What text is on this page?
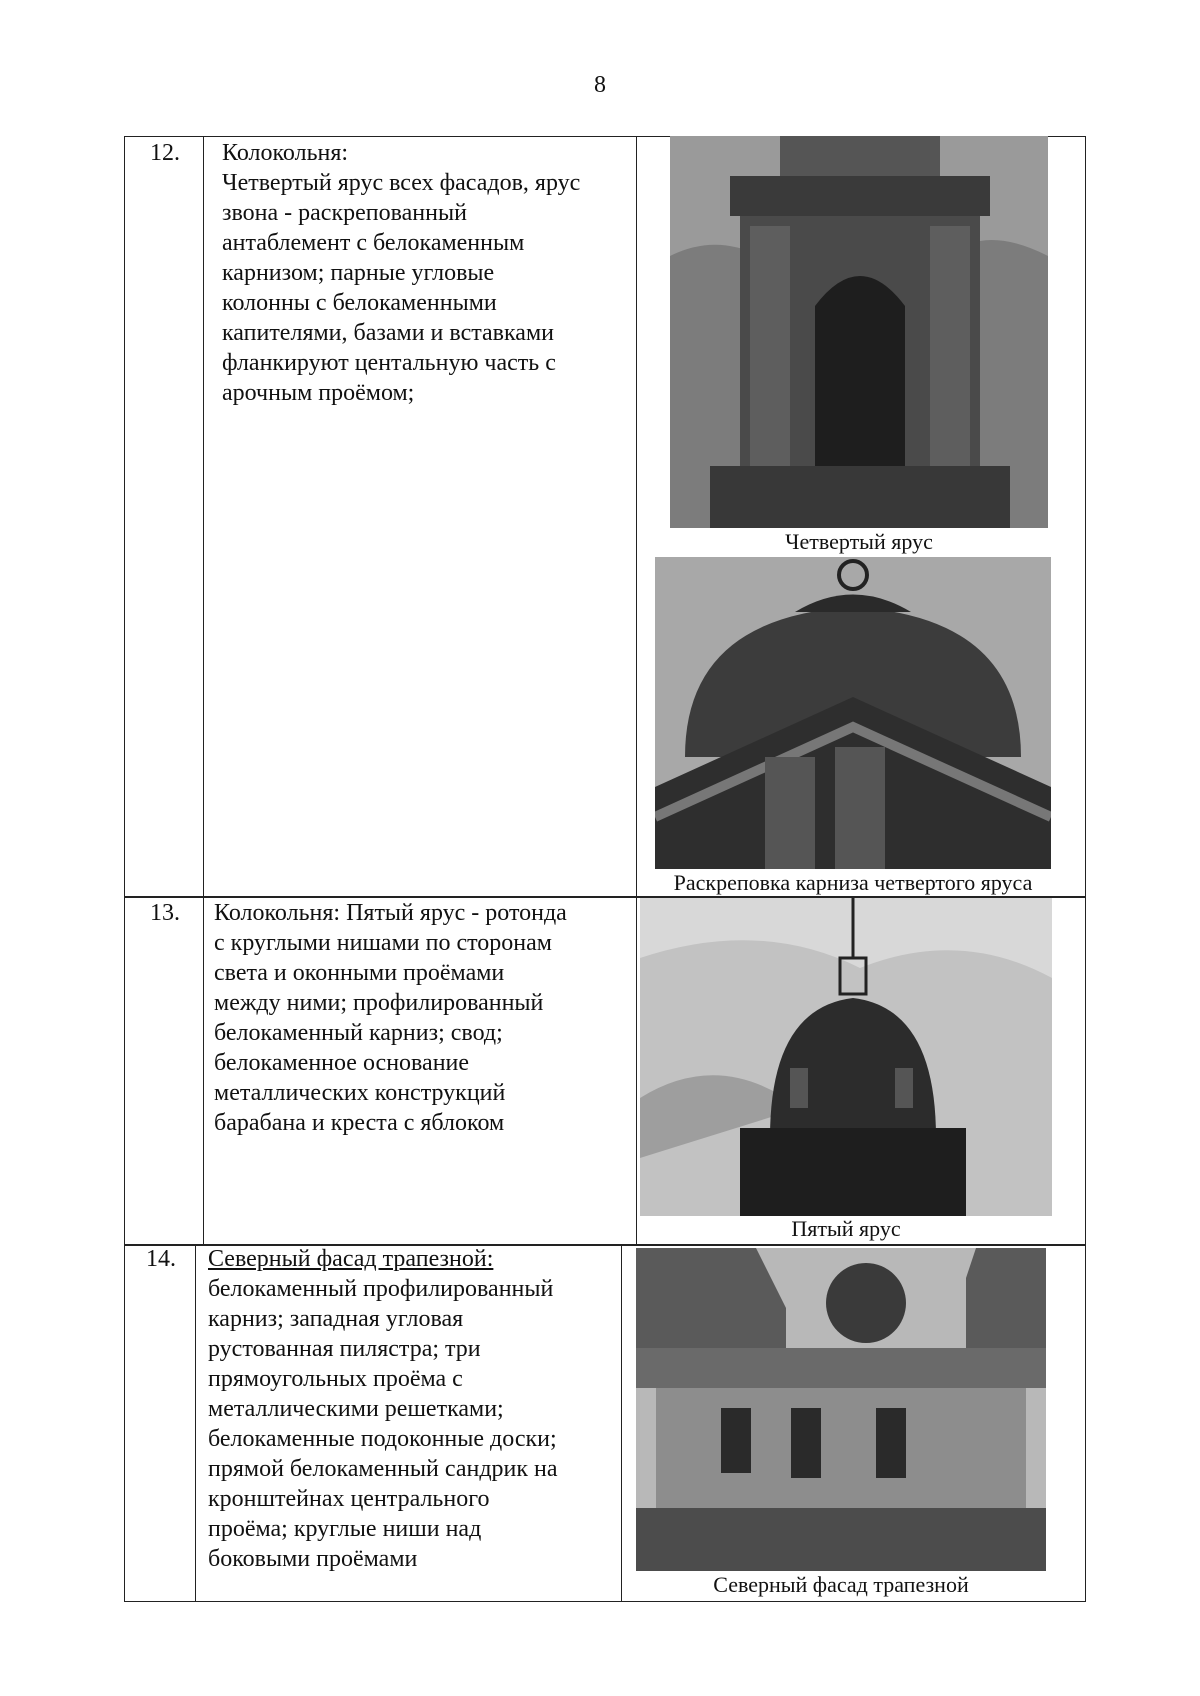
8
12.	Колокольня:
Четвертый ярус всех фасадов, ярус
звона - раскрепованный
антаблемент с белокаменным
карнизом; парные угловые
колонны с белокаменными
капителями, базами и вставками
фланкируют центальную часть с
арочным проёмом;
Четвертый ярус
Раскреповка карниза четвертого яруса
13.	Колокольня: Пятый ярус - ротонда
с круглыми нишами по сторонам
света и оконными проёмами
между ними; профилированный
белокаменный карниз; свод;
белокаменное основание
металлических конструкций
барабана и креста с яблоком
Пятый ярус
14.	Северный фасад трапезной:
белокаменный профилированный
карниз; западная угловая
рустованная пилястра; три
прямоугольных проёма с
металлическими решетками;
белокаменные подоконные доски;
прямой белокаменный сандрик на
кронштейнах центрального
проёма; круглые ниши над
боковыми проёмами
Северный фасад трапезной
